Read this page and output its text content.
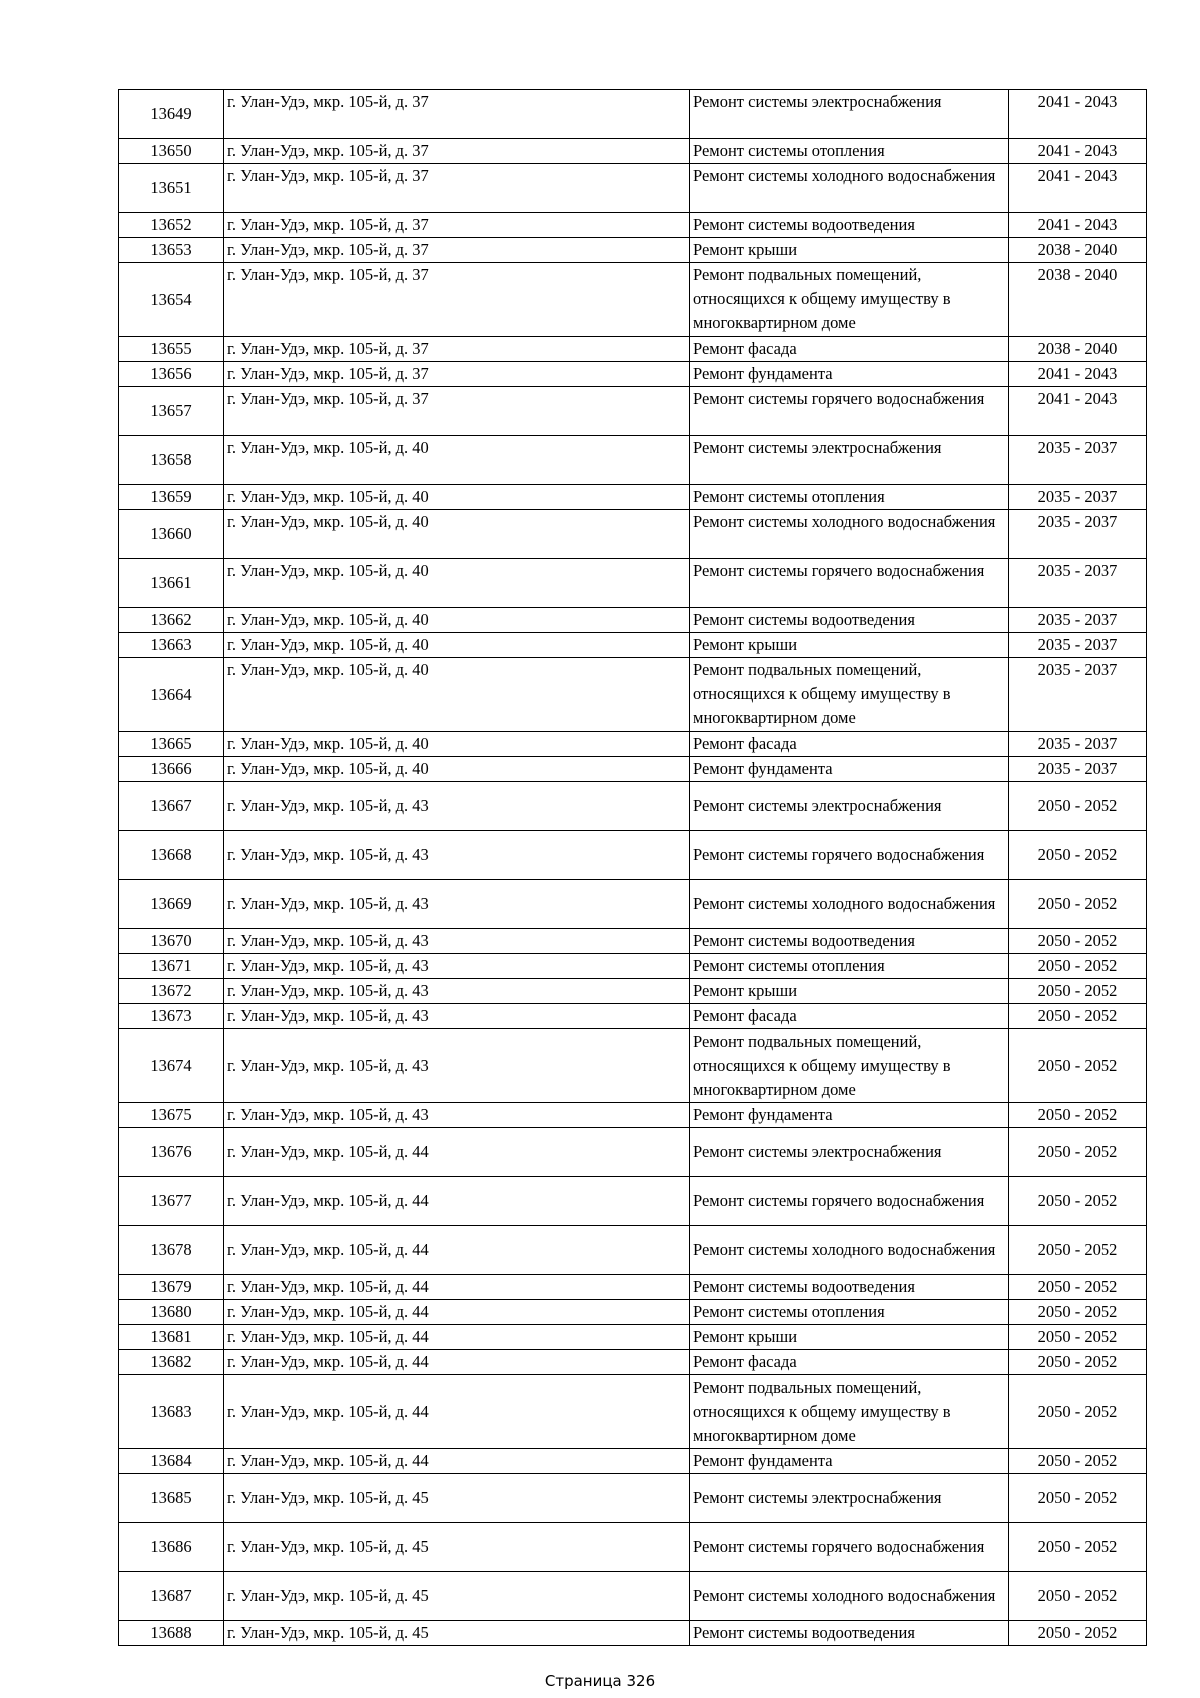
13649	г. Улан-Удэ, мкр. 105-й, д. 37	Ремонт системы электроснабжения	2041 - 2043
13650	г. Улан-Удэ, мкр. 105-й, д. 37	Ремонт системы отопления	2041 - 2043
13651	г. Улан-Удэ, мкр. 105-й, д. 37	Ремонт системы холодного водоснабжения	2041 - 2043
13652	г. Улан-Удэ, мкр. 105-й, д. 37	Ремонт системы водоотведения	2041 - 2043
13653	г. Улан-Удэ, мкр. 105-й, д. 37	Ремонт крыши	2038 - 2040
13654	г. Улан-Удэ, мкр. 105-й, д. 37	Ремонт подвальных помещений, относящихся к общему имуществу в многоквартирном доме	2038 - 2040
13655	г. Улан-Удэ, мкр. 105-й, д. 37	Ремонт фасада	2038 - 2040
13656	г. Улан-Удэ, мкр. 105-й, д. 37	Ремонт фундамента	2041 - 2043
13657	г. Улан-Удэ, мкр. 105-й, д. 37	Ремонт системы горячего водоснабжения	2041 - 2043
13658	г. Улан-Удэ, мкр. 105-й, д. 40	Ремонт системы электроснабжения	2035 - 2037
13659	г. Улан-Удэ, мкр. 105-й, д. 40	Ремонт системы отопления	2035 - 2037
13660	г. Улан-Удэ, мкр. 105-й, д. 40	Ремонт системы холодного водоснабжения	2035 - 2037
13661	г. Улан-Удэ, мкр. 105-й, д. 40	Ремонт системы горячего водоснабжения	2035 - 2037
13662	г. Улан-Удэ, мкр. 105-й, д. 40	Ремонт системы водоотведения	2035 - 2037
13663	г. Улан-Удэ, мкр. 105-й, д. 40	Ремонт крыши	2035 - 2037
13664	г. Улан-Удэ, мкр. 105-й, д. 40	Ремонт подвальных помещений, относящихся к общему имуществу в многоквартирном доме	2035 - 2037
13665	г. Улан-Удэ, мкр. 105-й, д. 40	Ремонт фасада	2035 - 2037
13666	г. Улан-Удэ, мкр. 105-й, д. 40	Ремонт фундамента	2035 - 2037
13667	г. Улан-Удэ, мкр. 105-й, д. 43	Ремонт системы электроснабжения	2050 - 2052
13668	г. Улан-Удэ, мкр. 105-й, д. 43	Ремонт системы горячего водоснабжения	2050 - 2052
13669	г. Улан-Удэ, мкр. 105-й, д. 43	Ремонт системы холодного водоснабжения	2050 - 2052
13670	г. Улан-Удэ, мкр. 105-й, д. 43	Ремонт системы водоотведения	2050 - 2052
13671	г. Улан-Удэ, мкр. 105-й, д. 43	Ремонт системы отопления	2050 - 2052
13672	г. Улан-Удэ, мкр. 105-й, д. 43	Ремонт крыши	2050 - 2052
13673	г. Улан-Удэ, мкр. 105-й, д. 43	Ремонт фасада	2050 - 2052
13674	г. Улан-Удэ, мкр. 105-й, д. 43	Ремонт подвальных помещений, относящихся к общему имуществу в многоквартирном доме	2050 - 2052
13675	г. Улан-Удэ, мкр. 105-й, д. 43	Ремонт фундамента	2050 - 2052
13676	г. Улан-Удэ, мкр. 105-й, д. 44	Ремонт системы электроснабжения	2050 - 2052
13677	г. Улан-Удэ, мкр. 105-й, д. 44	Ремонт системы горячего водоснабжения	2050 - 2052
13678	г. Улан-Удэ, мкр. 105-й, д. 44	Ремонт системы холодного водоснабжения	2050 - 2052
13679	г. Улан-Удэ, мкр. 105-й, д. 44	Ремонт системы водоотведения	2050 - 2052
13680	г. Улан-Удэ, мкр. 105-й, д. 44	Ремонт системы отопления	2050 - 2052
13681	г. Улан-Удэ, мкр. 105-й, д. 44	Ремонт крыши	2050 - 2052
13682	г. Улан-Удэ, мкр. 105-й, д. 44	Ремонт фасада	2050 - 2052
13683	г. Улан-Удэ, мкр. 105-й, д. 44	Ремонт подвальных помещений, относящихся к общему имуществу в многоквартирном доме	2050 - 2052
13684	г. Улан-Удэ, мкр. 105-й, д. 44	Ремонт фундамента	2050 - 2052
13685	г. Улан-Удэ, мкр. 105-й, д. 45	Ремонт системы электроснабжения	2050 - 2052
13686	г. Улан-Удэ, мкр. 105-й, д. 45	Ремонт системы горячего водоснабжения	2050 - 2052
13687	г. Улан-Удэ, мкр. 105-й, д. 45	Ремонт системы холодного водоснабжения	2050 - 2052
13688	г. Улан-Удэ, мкр. 105-й, д. 45	Ремонт системы водоотведения	2050 - 2052
Страница 326
